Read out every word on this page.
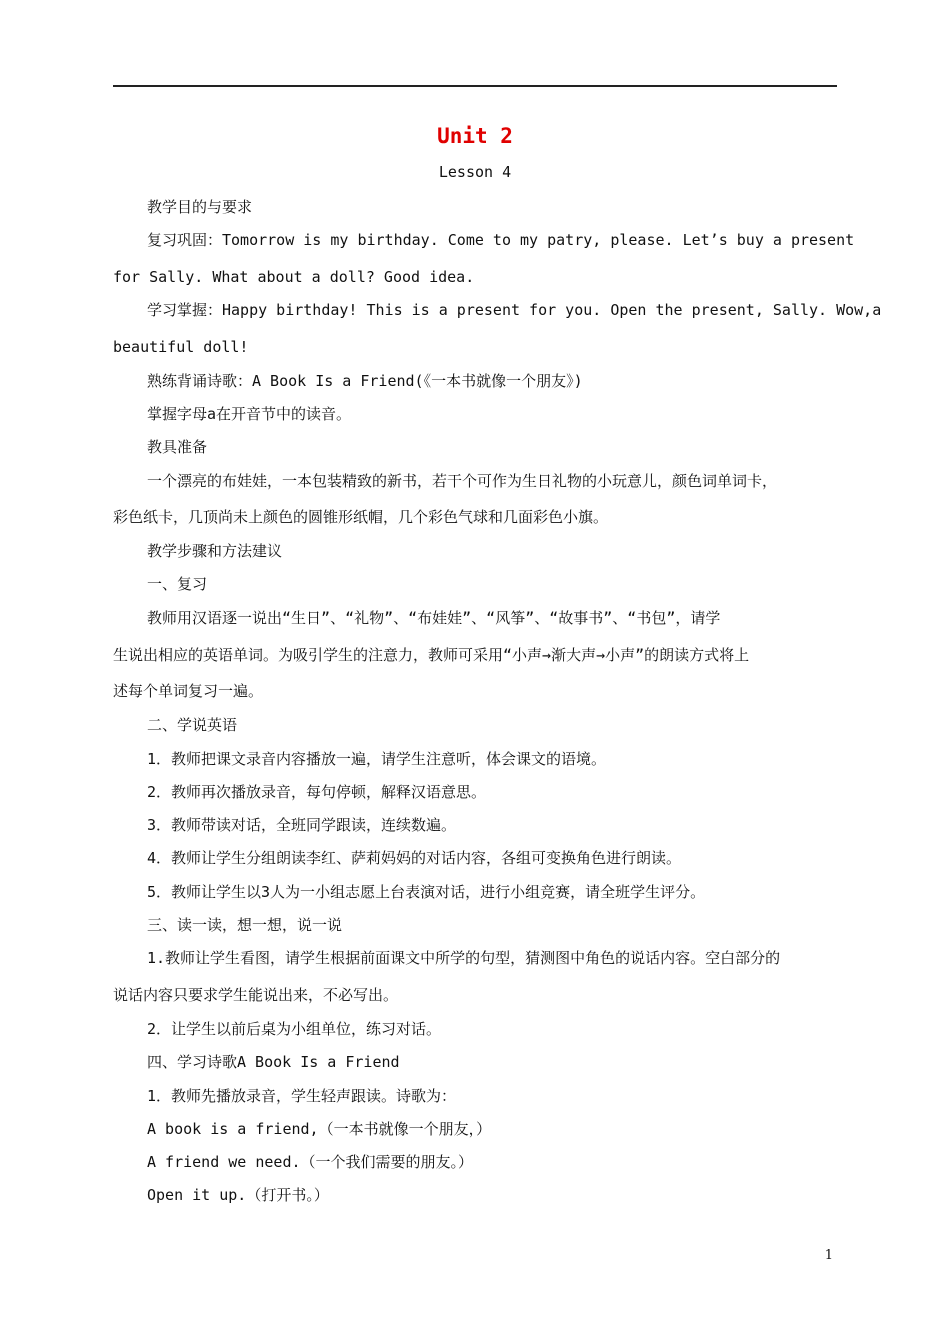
Unit 2
Lesson 4
教学目的与要求
复习巩固：Tomorrow is my birthday. Come to my patry, please. Let’s buy a present
for Sally. What about a doll? Good idea.
学习掌握：Happy birthday! This is a present for you. Open the present, Sally. Wow,a
beautiful doll!
熟练背诵诗歌：A Book Is a Friend(《一本书就像一个朋友》)
掌握字母a在开音节中的读音。
教具准备
一个漂亮的布娃娃，一本包装精致的新书，若干个可作为生日礼物的小玩意儿，颜色词单词卡，
彩色纸卡，几顶尚未上颜色的圆锥形纸帽，几个彩色气球和几面彩色小旗。
教学步骤和方法建议
一、复习
教师用汉语逐一说出“生日”、“礼物”、“布娃娃”、“风筝”、“故事书”、“书包”，请学
生说出相应的英语单词。为吸引学生的注意力，教师可采用“小声→渐大声→小声”的朗读方式将上
述每个单词复习一遍。
二、学说英语
1．教师把课文录音内容播放一遍，请学生注意听，体会课文的语境。
2．教师再次播放录音，每句停顿，解释汉语意思。
3．教师带读对话，全班同学跟读，连续数遍。
4．教师让学生分组朗读李红、萨莉妈妈的对话内容，各组可变换角色进行朗读。
5．教师让学生以3人为一小组志愿上台表演对话，进行小组竞赛，请全班学生评分。
三、读一读，想一想，说一说
1.教师让学生看图，请学生根据前面课文中所学的句型，猜测图中角色的说话内容。空白部分的
说话内容只要求学生能说出来，不必写出。
2．让学生以前后桌为小组单位，练习对话。
四、学习诗歌A Book Is a Friend
1．教师先播放录音，学生轻声跟读。诗歌为：
A book is a friend,（一本书就像一个朋友，）
A friend we need.（一个我们需要的朋友。）
Open it up.（打开书。）
1
